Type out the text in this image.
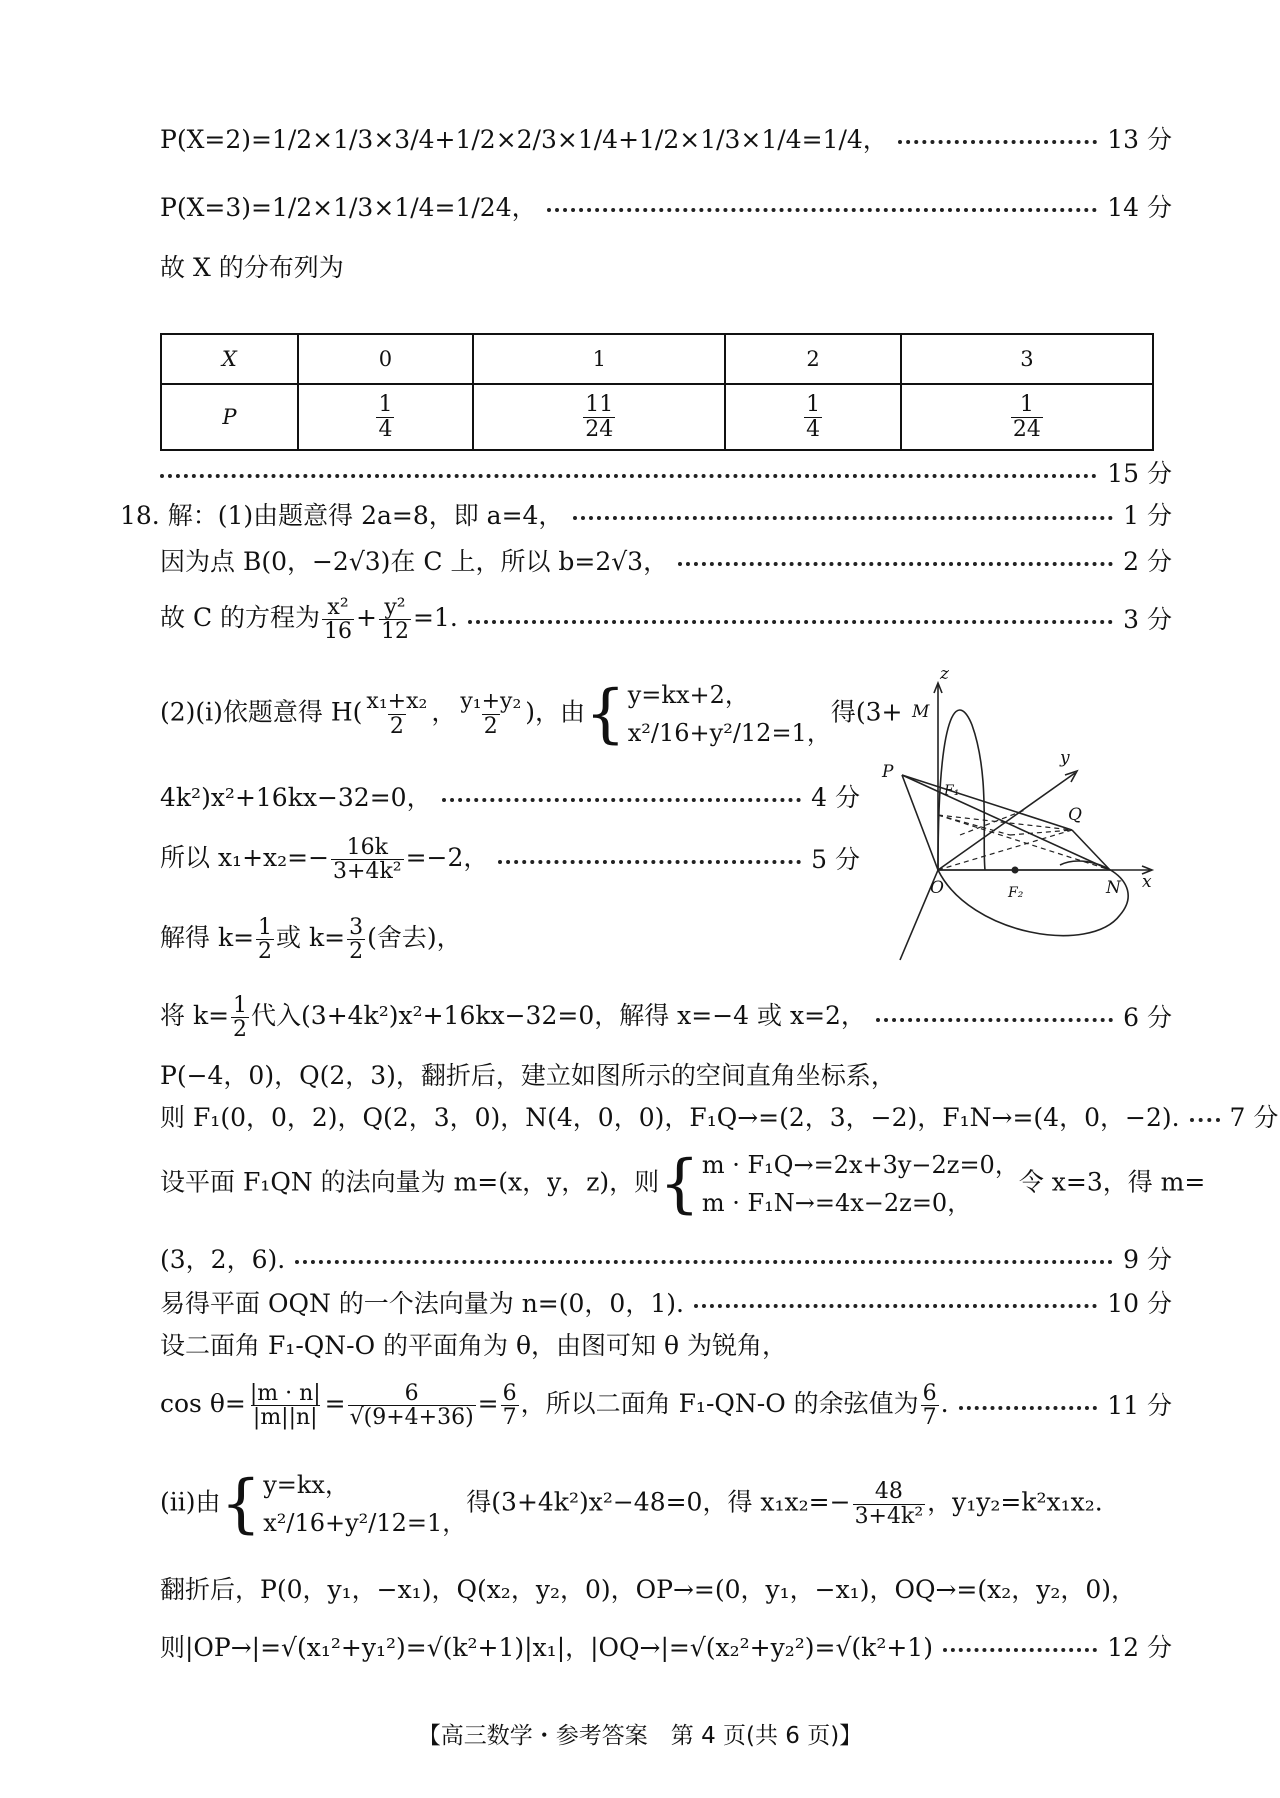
P(X=2)=1/2×1/3×3/4+1/2×2/3×1/4+1/2×1/3×1/4=1/4，	13 分
P(X=3)=1/2×1/3×1/4=1/24，	14 分
故 X 的分布列为
X	0	1	2	3
P	$\frac{1}{4}$	$\frac{11}{24}$	$\frac{1}{4}$	$\frac{1}{24}$
15 分
18. 解：(1)由题意得 2a=8，即 a=4，	1 分
因为点 B(0，−2√3)在 C 上，所以 b=2√3，	2 分
故 C 的方程为 $\frac{\text{x²}}{16} + \frac{\text{y²}}{12} =1$.	3 分
(2)(ⅰ)依题意得 $H( \frac{\text{x₁+x₂}}{2}$ ， $\frac{\text{y₁+y₂}}{2}$ )，由 { y=kx+2，
x²/16+y²/12=1，
得(3+
4k²)x²+16kx−32=0，	4 分
所以 $x_1+x_2=- \frac{16k}{\text{3+4k²}} =-2$，	5 分
解得 $k= \frac{1}{2}$ 或 $k= \frac{3}{2}$ (舍去)，
将 $k= \frac{1}{2}$ 代入(3+4k²)x²+16kx−32=0，解得 x=−4 或 x=2，	6 分
P(−4，0)，Q(2，3)，翻折后，建立如图所示的空间直角坐标系，
则 F₁(0，0，2)，Q(2，3，0)，N(4，0，0)，F₁Q→=(2，3，−2)，F₁N→=(4，0，−2). 7 分
设平面 F₁QN 的法向量为 m=(x，y，z)，则 { m · F₁Q→=2x+3y−2z=0，
m · F₁N→=4x−2z=0，
令 x=3，得 m=
(3，2，6).	9 分
易得平面 OQN 的一个法向量为 n=(0，0，1).	10 分
设二面角 F₁-QN-O 的平面角为 θ，由图可知 θ 为锐角，
$\cos \theta= \frac{|m \cdot n|}{|m||n|} = \frac{6}{√(9+4+36)} = \frac{6}{7}$ ，所以二面角 F₁-QN-O 的余弦值为 $\frac{6}{7}$ .	11 分
(ⅱ)由 { y=kx，
x²/16+y²/12=1，
得(3+4k²)x²−48=0，得 $x_1x_2=- \frac{48}{\text{3+4k²}}$ ，y₁y₂=k²x₁x₂.
翻折后，P(0，y₁，−x₁)，Q(x₂，y₂，0)，OP→=(0，y₁，−x₁)，OQ→=(x₂，y₂，0)，
则|OP→|=√(x₁²+y₁²)=√(k²+1)|x₁|，|OQ→|=√(x₂²+y₂²)=√(k²+1)	12 分
z
M
P
y
F₁
Q
O	F₂	N x
【高三数学・参考答案　第 4 页(共 6 页)】
